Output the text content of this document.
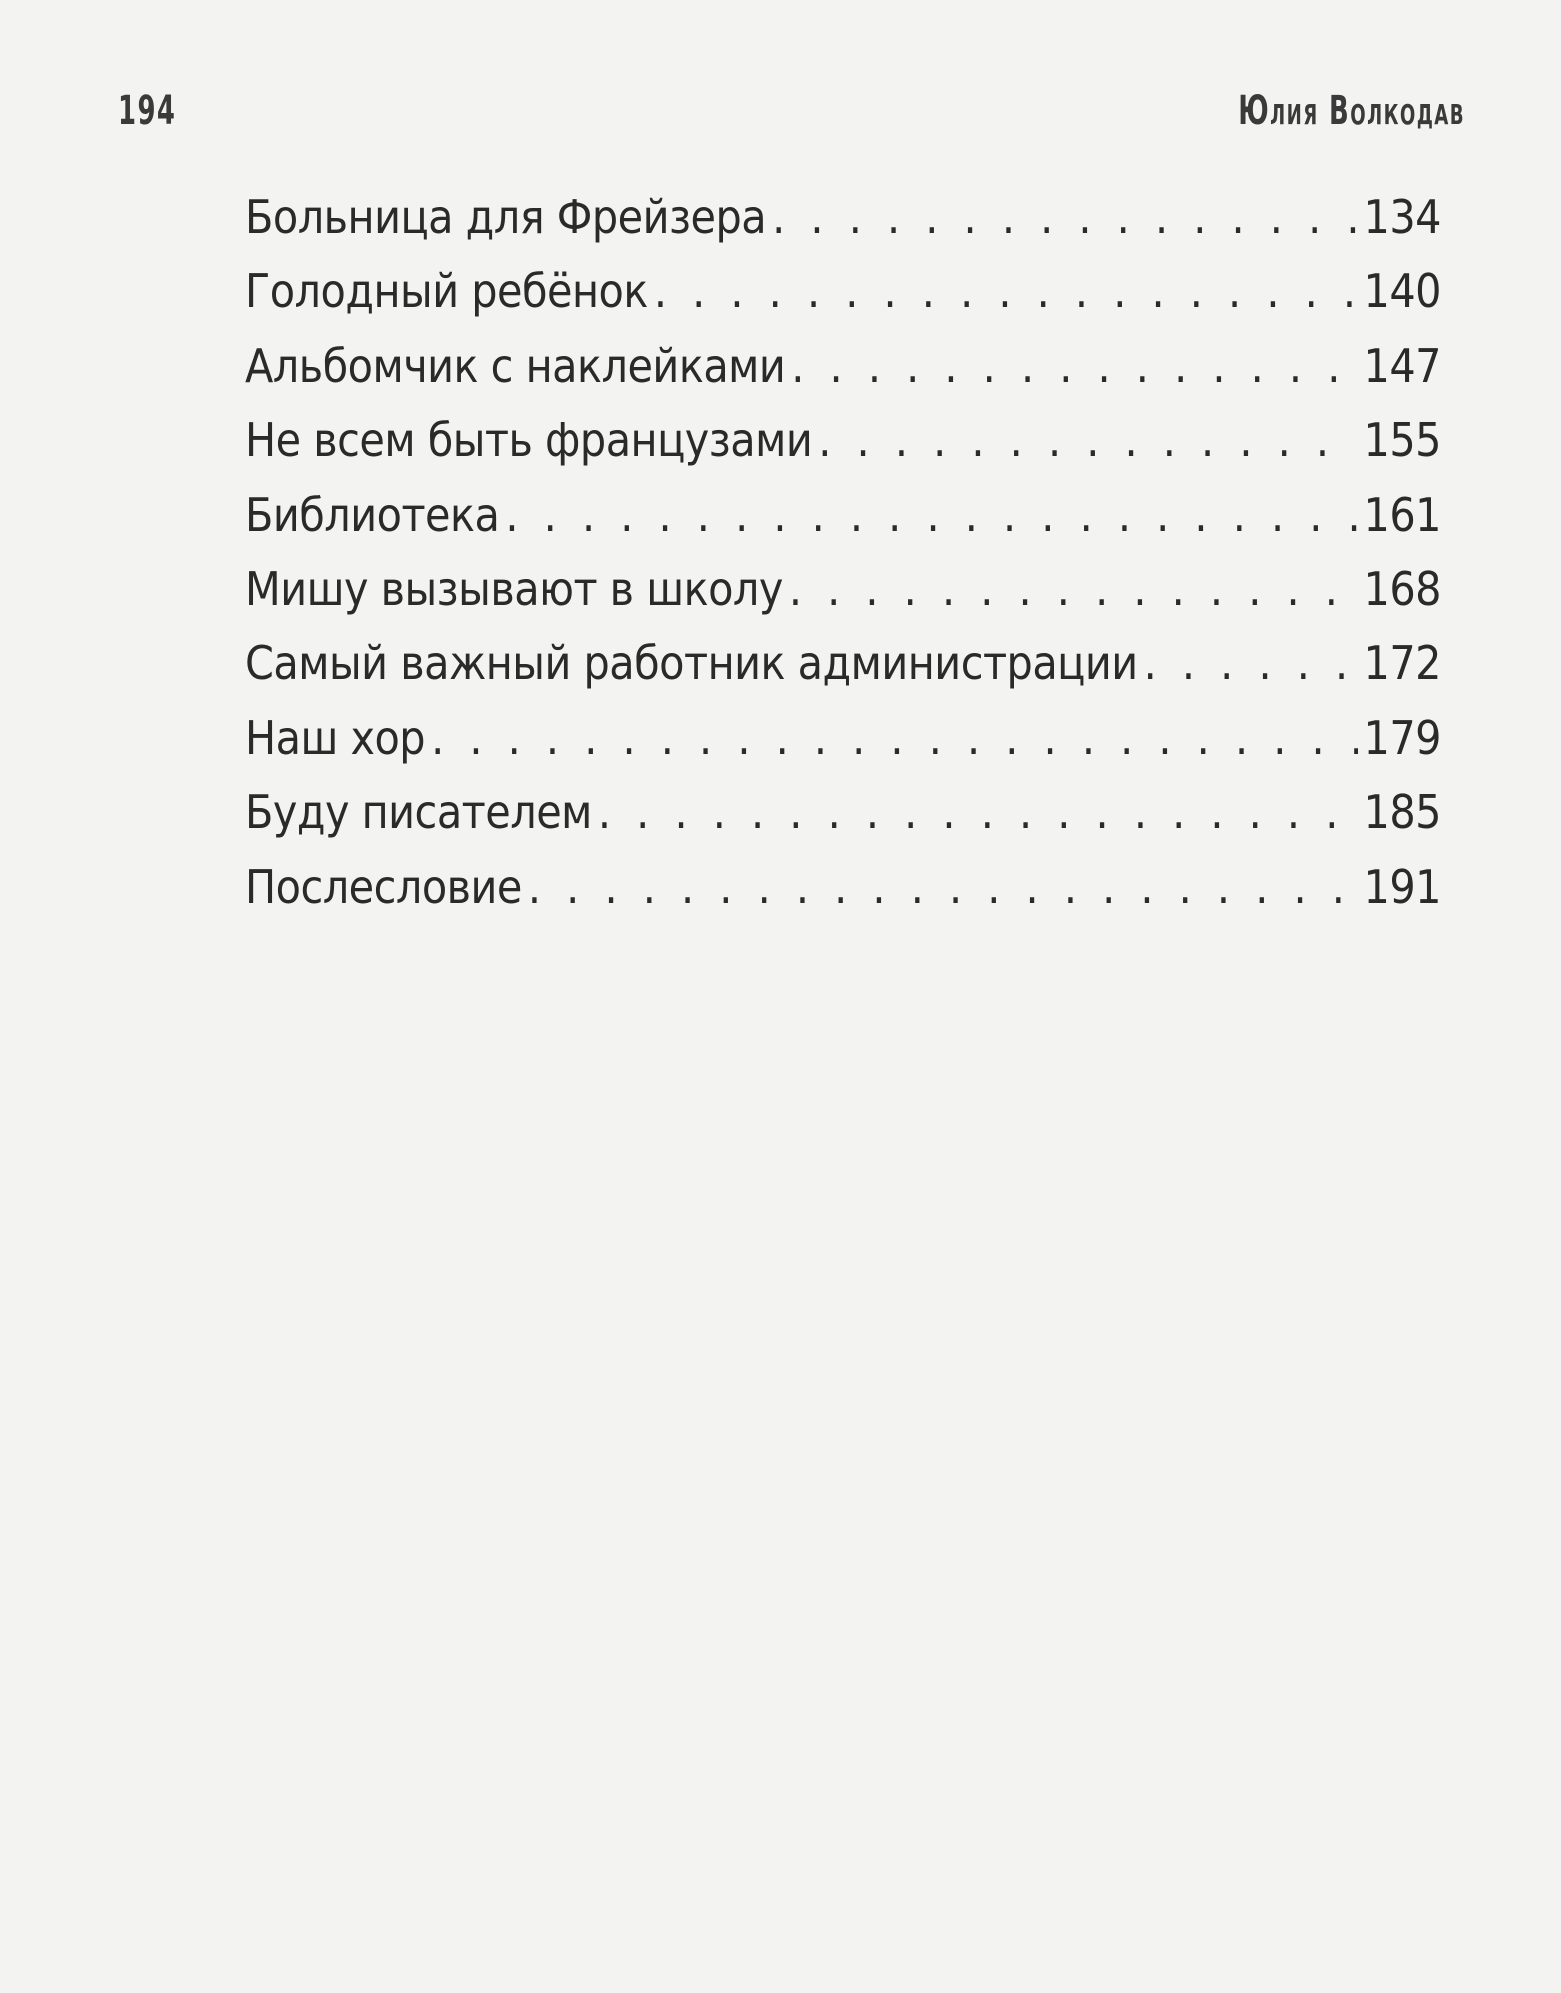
194	Юлия Волкодав
Больница для Фрейзера . . .	134
Голодный ребёнок . . .	140
Альбомчик с наклейками . . .	147
Не всем быть французами . . .	155
Библиотека . . .	161
Мишу вызывают в школу . . .	168
Самый важный работник администрации . . .	172
Наш хор . . .	179
Буду писателем . . .	185
Послесловие . . .	191
